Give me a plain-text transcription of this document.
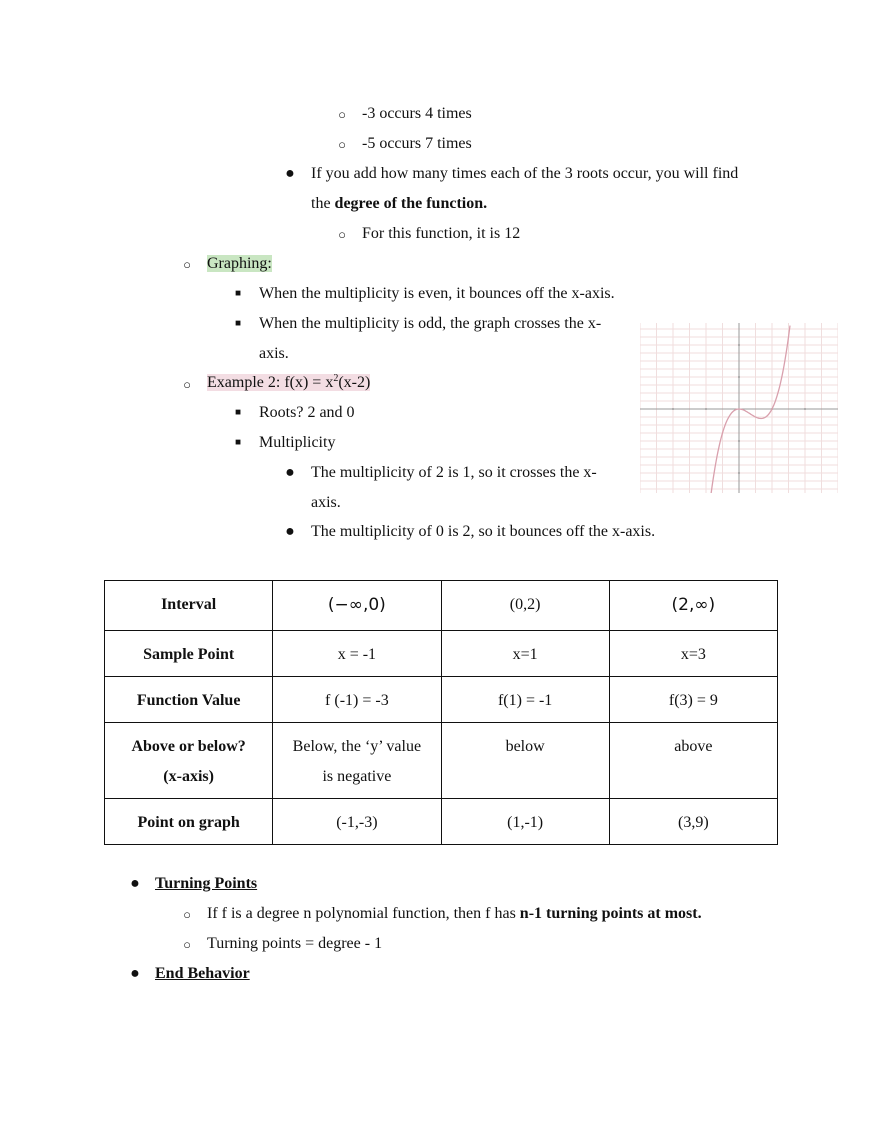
○ -3 occurs 4 times
○ -5 occurs 7 times
● If you add how many times each of the 3 roots occur, you will find
the degree of the function.
○ For this function, it is 12
○ Graphing:
■ When the multiplicity is even, it bounces off the x-axis.
■ When the multiplicity is odd, the graph crosses the x-
axis.
○ Example 2: $f(x) = x^2(x-2)$
■ Roots? 2 and 0
■ Multiplicity
● The multiplicity of 2 is 1, so it crosses the x-
axis.
● The multiplicity of 0 is 2, so it bounces off the x-axis.
Interval	(−∞,0)	(0,2)	(2,∞)
Sample Point	x = -1	x=1	x=3
Function Value	f (-1) = -3	f(1) = -1	f(3) = 9
Above or below?
(x-axis)	Below, the ‘y’ value
is negative	below	above
Point on graph	(-1,-3)	(1,-1)	(3,9)
● Turning Points
○ If f is a degree n polynomial function, then f has n-1 turning points at most.
○ Turning points = degree - 1
● End Behavior
